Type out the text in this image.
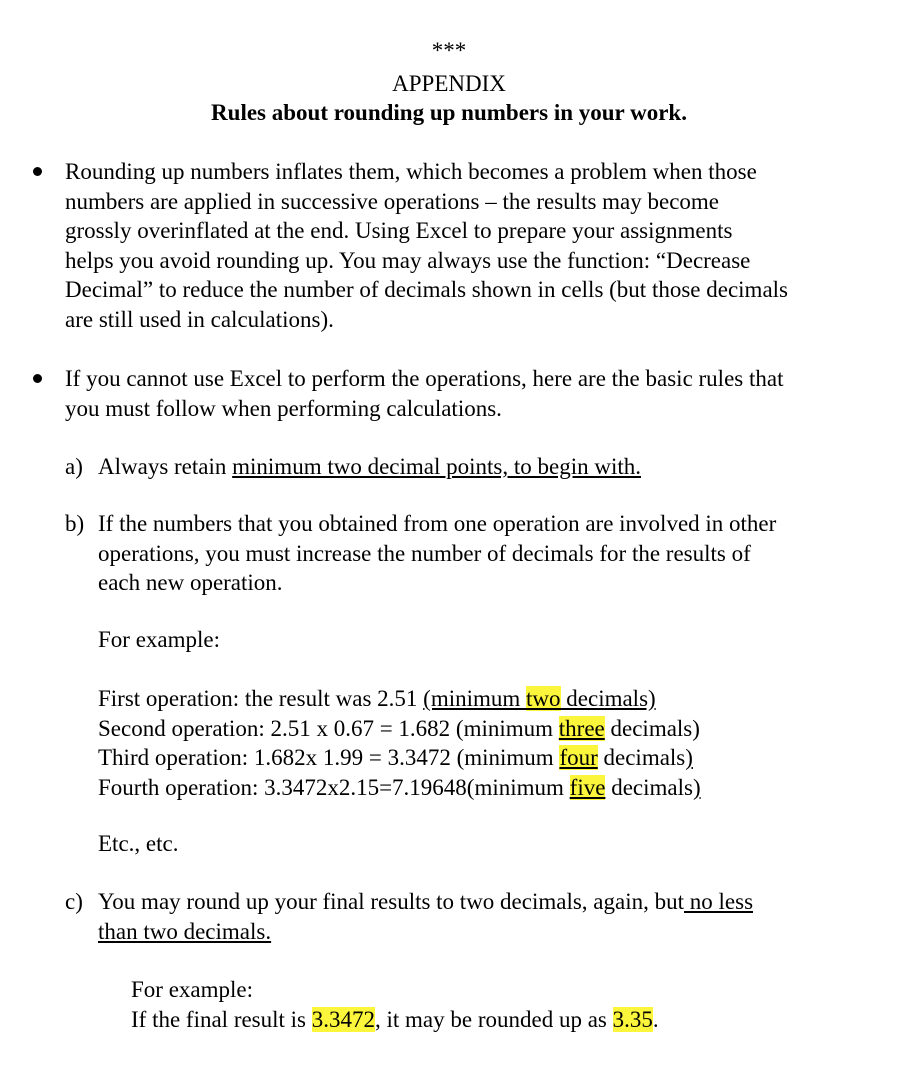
***
APPENDIX
Rules about rounding up numbers in your work.
Rounding up numbers inflates them, which becomes a problem when those
numbers are applied in successive operations – the results may become
grossly overinflated at the end. Using Excel to prepare your assignments
helps you avoid rounding up. You may always use the function: “Decrease
Decimal” to reduce the number of decimals shown in cells (but those decimals
are still used in calculations).
If you cannot use Excel to perform the operations, here are the basic rules that
you must follow when performing calculations.
a) Always retain minimum two decimal points, to begin with.
b) If the numbers that you obtained from one operation are involved in other
operations, you must increase the number of decimals for the results of
each new operation.
For example:
First operation: the result was 2.51 (minimum two decimals)
Second operation: 2.51 x 0.67 = 1.682 (minimum three decimals)
Third operation: 1.682x 1.99 = 3.3472 (minimum four decimals)
Fourth operation: 3.3472x2.15=7.19648(minimum five decimals)
Etc., etc.
c) You may round up your final results to two decimals, again, but no less
than two decimals.
For example:
If the final result is 3.3472, it may be rounded up as 3.35.
